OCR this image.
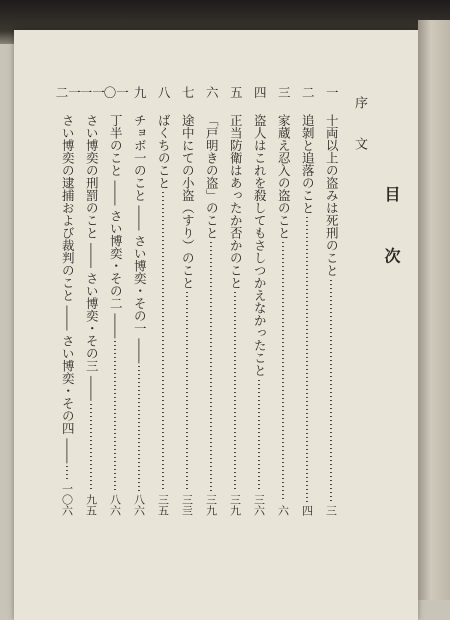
目 次
序 文
一
十両以上の盗みは死刑のこと
三
二
追剝と追落のこと
四
三
家蔵え忍入の盗のこと
六
四
盗人はこれを殺してもさしつかえなかったこと
三六
五
正当防衛はあったか否かのこと
三九
六
「戸明きの盗」のこと
三九
七
途中にての小盗（すり）のこと
三亖
八
ばくちのこと
三五
九
チョボ一のこと ―― さい博奕・その一 ――
八六
一〇
丁半のこと ―― さい博奕・その二 ――
八六
一一
さい博奕の刑罰のこと ―― さい博奕・その三 ――
九五
一二
さい博奕の逮捕および裁判のこと ―― さい博奕・その四 ――
一〇六
